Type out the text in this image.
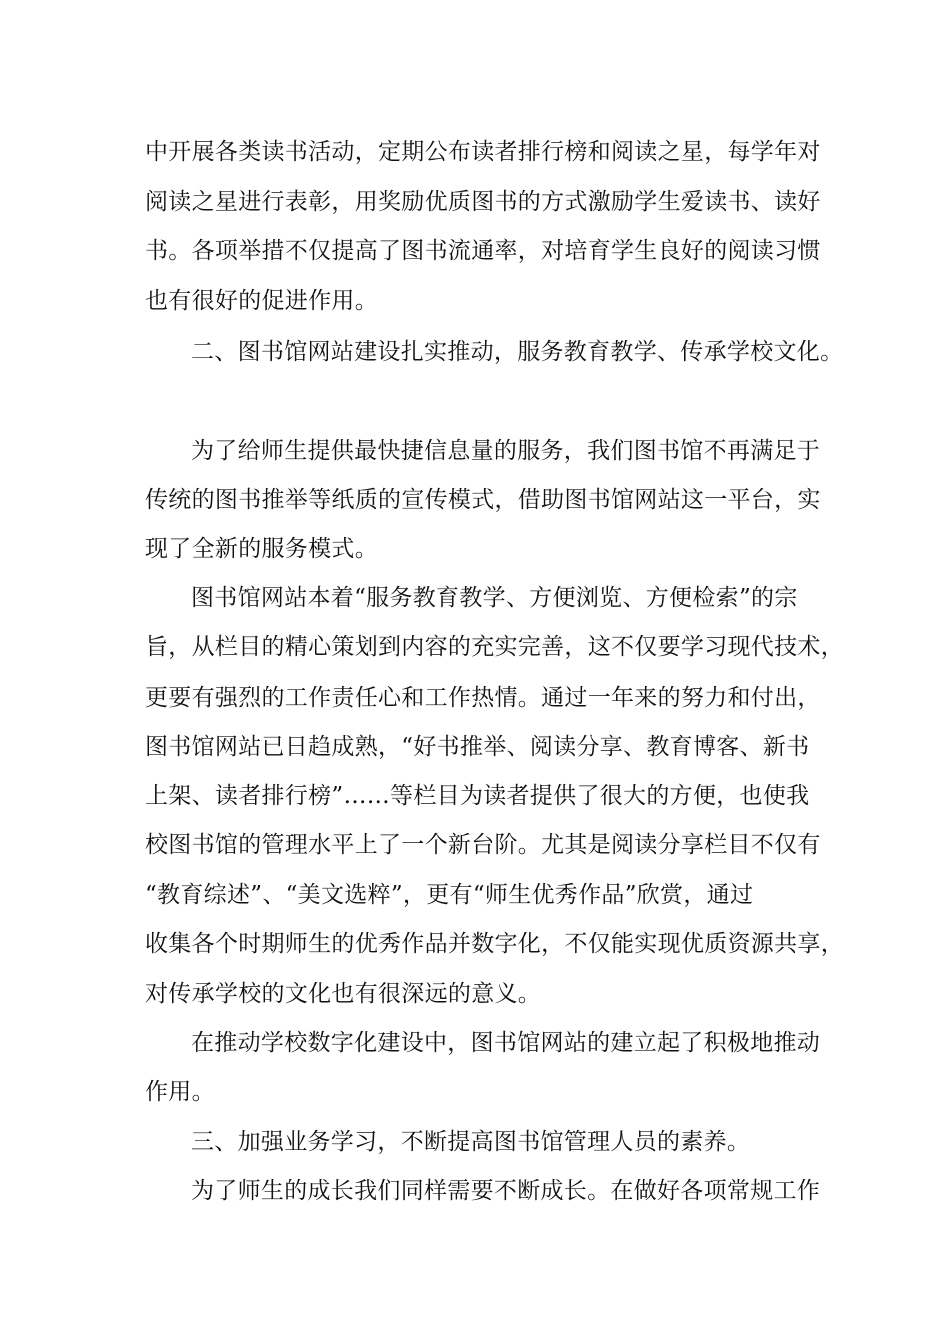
中开展各类读书活动，定期公布读者排行榜和阅读之星，每学年对
阅读之星进行表彰，用奖励优质图书的方式激励学生爱读书、读好
书。各项举措不仅提高了图书流通率，对培育学生良好的阅读习惯
也有很好的促进作用。
二、图书馆网站建设扎实推动，服务教育教学、传承学校文化。
为了给师生提供最快捷信息量的服务，我们图书馆不再满足于
传统的图书推举等纸质的宣传模式，借助图书馆网站这一平台，实
现了全新的服务模式。
图书馆网站本着“服务教育教学、方便浏览、方便检索”的宗
旨，从栏目的精心策划到内容的充实完善，这不仅要学习现代技术，
更要有强烈的工作责任心和工作热情。通过一年来的努力和付出，
图书馆网站已日趋成熟，“好书推举、阅读分享、教育博客、新书
上架、读者排行榜”……等栏目为读者提供了很大的方便，也使我
校图书馆的管理水平上了一个新台阶。尤其是阅读分享栏目不仅有
“教育综述”、“美文选粹”，更有“师生优秀作品”欣赏，通过
收集各个时期师生的优秀作品并数字化，不仅能实现优质资源共享，
对传承学校的文化也有很深远的意义。
在推动学校数字化建设中，图书馆网站的建立起了积极地推动
作用。
三、加强业务学习，不断提高图书馆管理人员的素养。
为了师生的成长我们同样需要不断成长。在做好各项常规工作
